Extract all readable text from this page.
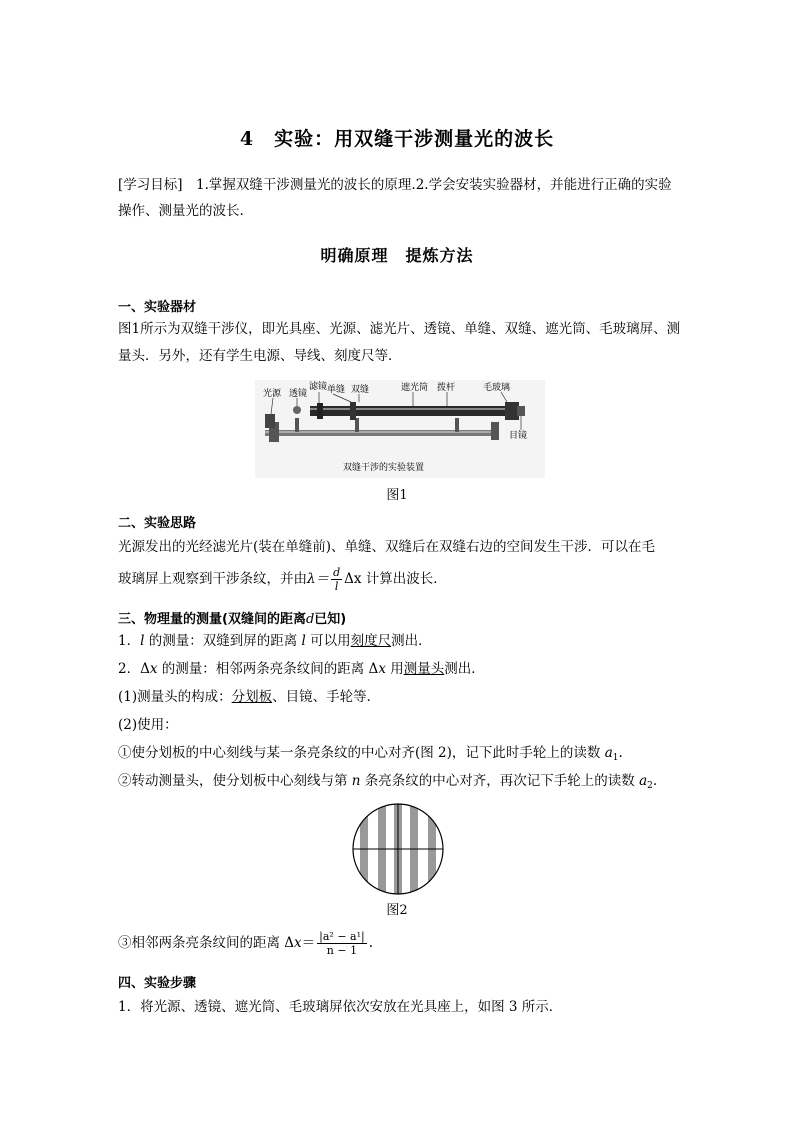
4　实验：用双缝干涉测量光的波长
[学习目标]　1.掌握双缝干涉测量光的波长的原理.2.学会安装实验器材，并能进行正确的实验操作、测量光的波长.
明确原理　提炼方法
一、实验器材
图1所示为双缝干涉仪，即光具座、光源、滤光片、透镜、单缝、双缝、遮光筒、毛玻璃屏、测量头．另外，还有学生电源、导线、刻度尺等．
光源 透镜
滤镜 单缝 双缝	遮光筒 拨杆	毛玻璃
目镜
双缝干涉的实验装置
图1
二、实验思路
光源发出的光经滤光片(装在单缝前)、单缝、双缝后在双缝右边的空间发生干涉．可以在毛
玻璃屏上观察到干涉条纹，并由$\lambda= \frac{d}{l}$ Δx 计算出波长．
三、物理量的测量(双缝间的距离d已知)
1．l 的测量：双缝到屏的距离 l 可以用刻度尺测出．
2．Δx 的测量：相邻两条亮条纹间的距离 Δx 用测量头测出．
(1)测量头的构成：分划板、目镜、手轮等．
(2)使用：
①使分划板的中心刻线与某一条亮条纹的中心对齐(图 2)，记下此时手轮上的读数 $a_1$.
②转动测量头，使分划板中心刻线与第 n 条亮条纹的中心对齐，再次记下手轮上的读数 $a_2$.
图2
③相邻两条亮条纹间的距离 $\Delta x= \frac{\text{|a² − a¹|}}{n - 1}$ .
四、实验步骤
1．将光源、透镜、遮光筒、毛玻璃屏依次安放在光具座上，如图 3 所示．
